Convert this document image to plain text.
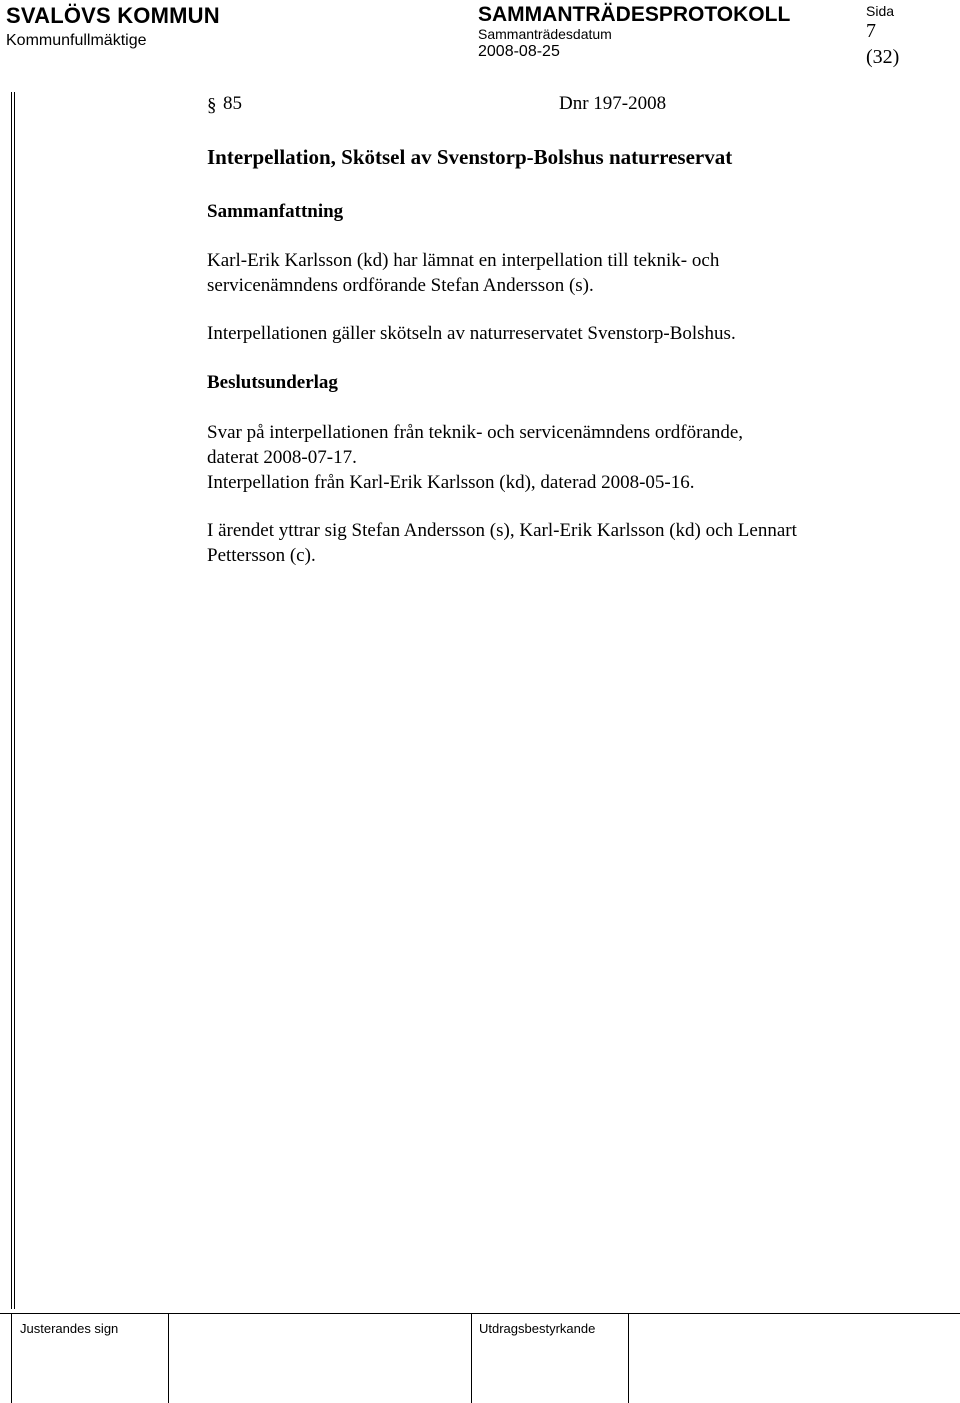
SVALÖVS KOMMUN
Kommunfullmäktige
SAMMANTRÄDESPROTOKOLL
Sammanträdesdatum
2008-08-25
Sida
7
(32)
§ 85	Dnr 197-2008
Interpellation, Skötsel av Svenstorp-Bolshus naturreservat
Sammanfattning
Karl-Erik Karlsson (kd) har lämnat en interpellation till teknik- och
servicenämndens ordförande Stefan Andersson (s).
Interpellationen gäller skötseln av naturreservatet Svenstorp-Bolshus.
Beslutsunderlag
Svar på interpellationen från teknik- och servicenämndens ordförande,
daterat 2008-07-17.
Interpellation från Karl-Erik Karlsson (kd), daterad 2008-05-16.
I ärendet yttrar sig Stefan Andersson (s), Karl-Erik Karlsson (kd) och Lennart
Pettersson (c).
Justerandes sign	Utdragsbestyrkande
